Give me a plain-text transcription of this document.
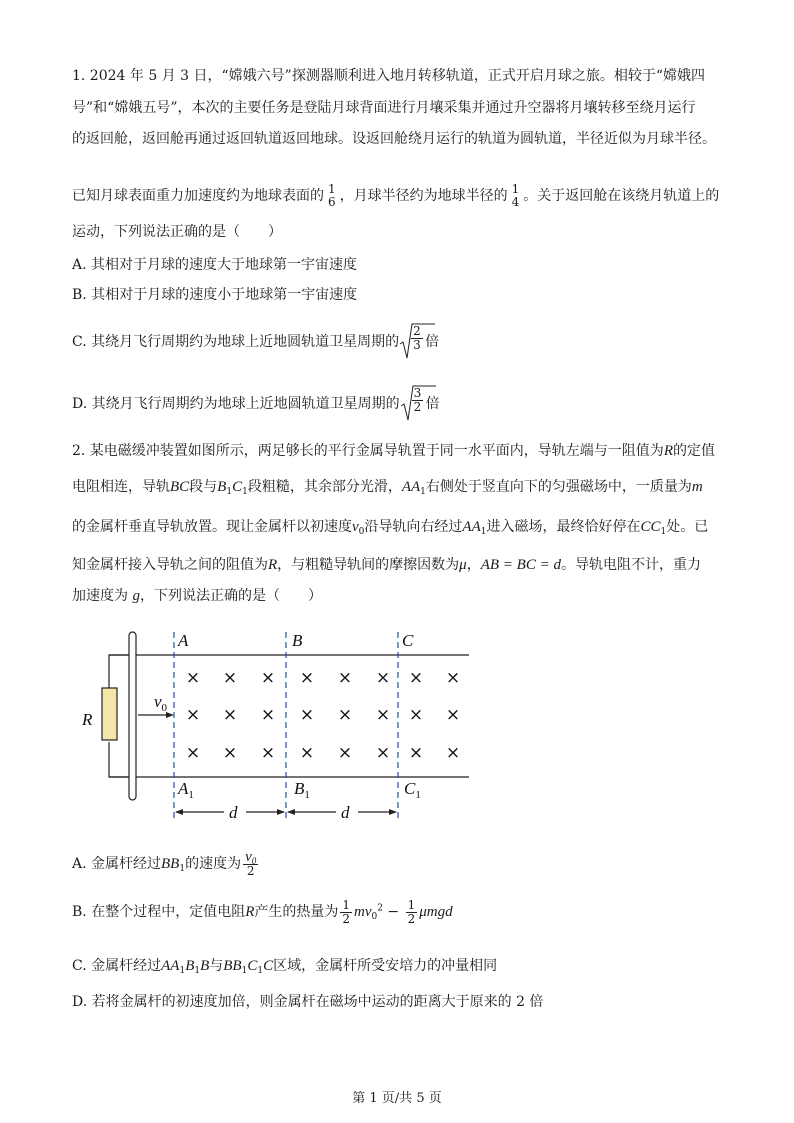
1. 2024 年 5 月 3 日，“嫦娥六号”探测器顺利进入地月转移轨道，正式开启月球之旅。相较于“嫦娥四
号”和“嫦娥五号”，本次的主要任务是登陆月球背面进行月壤采集并通过升空器将月壤转移至绕月运行
的返回舱，返回舱再通过返回轨道返回地球。设返回舱绕月运行的轨道为圆轨道，半径近似为月球半径。
已知月球表面重力加速度约为地球表面的 1
6 ，月球半径约为地球半径的 1
4 。关于返回舱在该绕月轨道上的
运动，下列说法正确的是（　　）
A. 其相对于月球的速度大于地球第一宇宙速度
B. 其相对于月球的速度小于地球第一宇宙速度
C. 其绕月飞行周期约为地球上近地圆轨道卫星周期的 $\frac{2}{3}$ 倍
D. 其绕月飞行周期约为地球上近地圆轨道卫星周期的 $\frac{3}{2}$ 倍
2. 某电磁缓冲装置如图所示，两足够长的平行金属导轨置于同一水平面内，导轨左端与一阻值为R的定值
电阻相连，导轨BC段与$B_1C_1$段粗糙，其余部分光滑，$AA_1$右侧处于竖直向下的匀强磁场中，一质量为m
的金属杆垂直导轨放置。现让金属杆以初速度$v_0$沿导轨向右经过$AA_1$进入磁场，最终恰好停在$CC_1$处。已
知金属杆接入导轨之间的阻值为R，与粗糙导轨间的摩擦因数为μ，AB = BC = d。导轨电阻不计，重力
加速度为 g，下列说法正确的是（　　）
R
$v_0$
A	B	C
$A_1$	$B_1$	$C_1$
d	d
× × × × × × × ×
× × × × × × × ×
× × × × × × × ×
A. 金属杆经过$BB_1$的速度为 $\frac{v_0}{2}$
B. 在整个过程中，定值电阻R产生的热量为 $\frac{1}{2} mv_0^2 - \frac{1}{2}$ μmgd
C. 金属杆经过$AA_1B_1B$与$BB_1C_1C$区域，金属杆所受安培力的冲量相同
D. 若将金属杆的初速度加倍，则金属杆在磁场中运动的距离大于原来的 2 倍
第 1 页/共 5 页
